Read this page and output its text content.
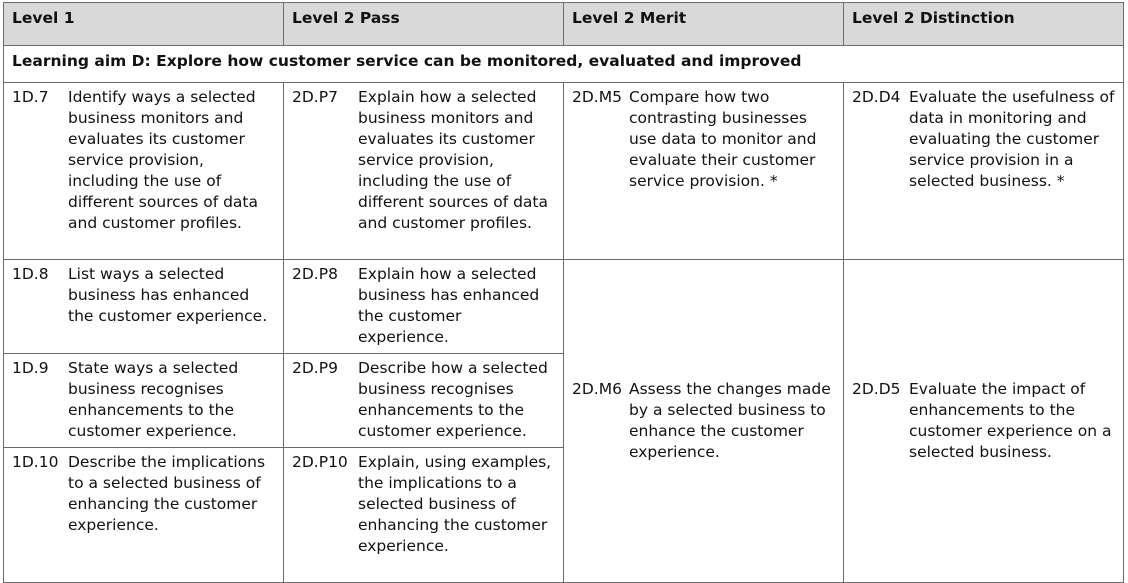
Level 1	Level 2 Pass	Level 2 Merit	Level 2 Distinction
Learning aim D: Explore how customer service can be monitored, evaluated and improved			

1D.7 Identify ways a selected business monitors and evaluates its customer service provision, including the use of different sources of data and customer profiles.	2D.P7 Explain how a selected business monitors and evaluates its customer service provision, including the use of different sources of data and customer profiles.	2D.M5 Compare how two contrasting businesses use data to monitor and evaluate their customer service provision. *	2D.D4 Evaluate the usefulness of data in monitoring and evaluating the customer service provision in a selected business. *

1D.8 List ways a selected business has enhanced the customer experience.	2D.P8 Explain how a selected business has enhanced the customer experience.	2D.M6 Assess the changes made by a selected business to enhance the customer experience.	2D.D5 Evaluate the impact of enhancements to the customer experience on a selected business.

1D.9 State ways a selected business recognises enhancements to the customer experience.	2D.P9 Describe how a selected business recognises enhancements to the customer experience.		

1D.10 Describe the implications to a selected business of enhancing the customer experience.	2D.P10 Explain, using examples, the implications to a selected business of enhancing the customer experience.		
